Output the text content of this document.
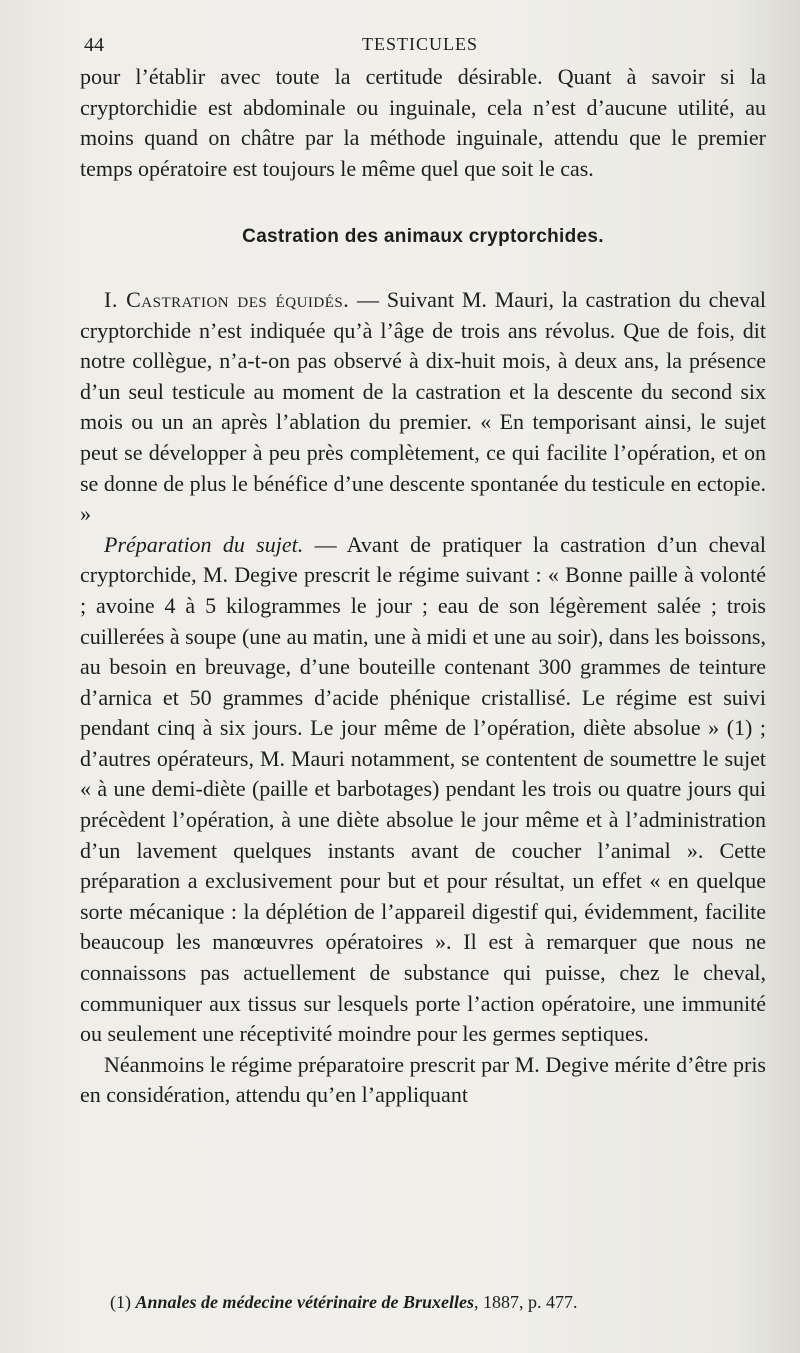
44	TESTICULES

pour l’établir avec toute la certitude désirable. Quant à savoir si la cryptorchidie est abdominale ou inguinale, cela n’est d’aucune utilité, au moins quand on châtre par la méthode inguinale, attendu que le premier temps opératoire est toujours le même quel que soit le cas.

Castration des animaux cryptorchides.

I. Castration des équidés. — Suivant M. Mauri, la castration du cheval cryptorchide n’est indiquée qu’à l’âge de trois ans révolus. Que de fois, dit notre collègue, n’a-t-on pas observé à dix-huit mois, à deux ans, la présence d’un seul testicule au moment de la castration et la descente du second six mois ou un an après l’ablation du premier. « En temporisant ainsi, le sujet peut se développer à peu près complètement, ce qui facilite l’opération, et on se donne de plus le bénéfice d’une descente spontanée du testicule en ectopie. »

Préparation du sujet. — Avant de pratiquer la castration d’un cheval cryptorchide, M. Degive prescrit le régime suivant : « Bonne paille à volonté ; avoine 4 à 5 kilogrammes le jour ; eau de son légèrement salée ; trois cuillerées à soupe (une au matin, une à midi et une au soir), dans les boissons, au besoin en breuvage, d’une bouteille contenant 300 grammes de teinture d’arnica et 50 grammes d’acide phénique cristallisé. Le régime est suivi pendant cinq à six jours. Le jour même de l’opération, diète absolue » (1) ; d’autres opérateurs, M. Mauri notamment, se contentent de soumettre le sujet « à une demi-diète (paille et barbotages) pendant les trois ou quatre jours qui précèdent l’opération, à une diète absolue le jour même et à l’administration d’un lavement quelques instants avant de coucher l’animal ». Cette préparation a exclusivement pour but et pour résultat, un effet « en quelque sorte mécanique : la déplétion de l’appareil digestif qui, évidemment, facilite beaucoup les manœuvres opératoires ». Il est à remarquer que nous ne connaissons pas actuellement de substance qui puisse, chez le cheval, communiquer aux tissus sur lesquels porte l’action opératoire, une immunité ou seulement une réceptivité moindre pour les germes septiques.

Néanmoins le régime préparatoire prescrit par M. Degive mérite d’être pris en considération, attendu qu’en l’appliquant

(1) Annales de médecine vétérinaire de Bruxelles, 1887, p. 477.
